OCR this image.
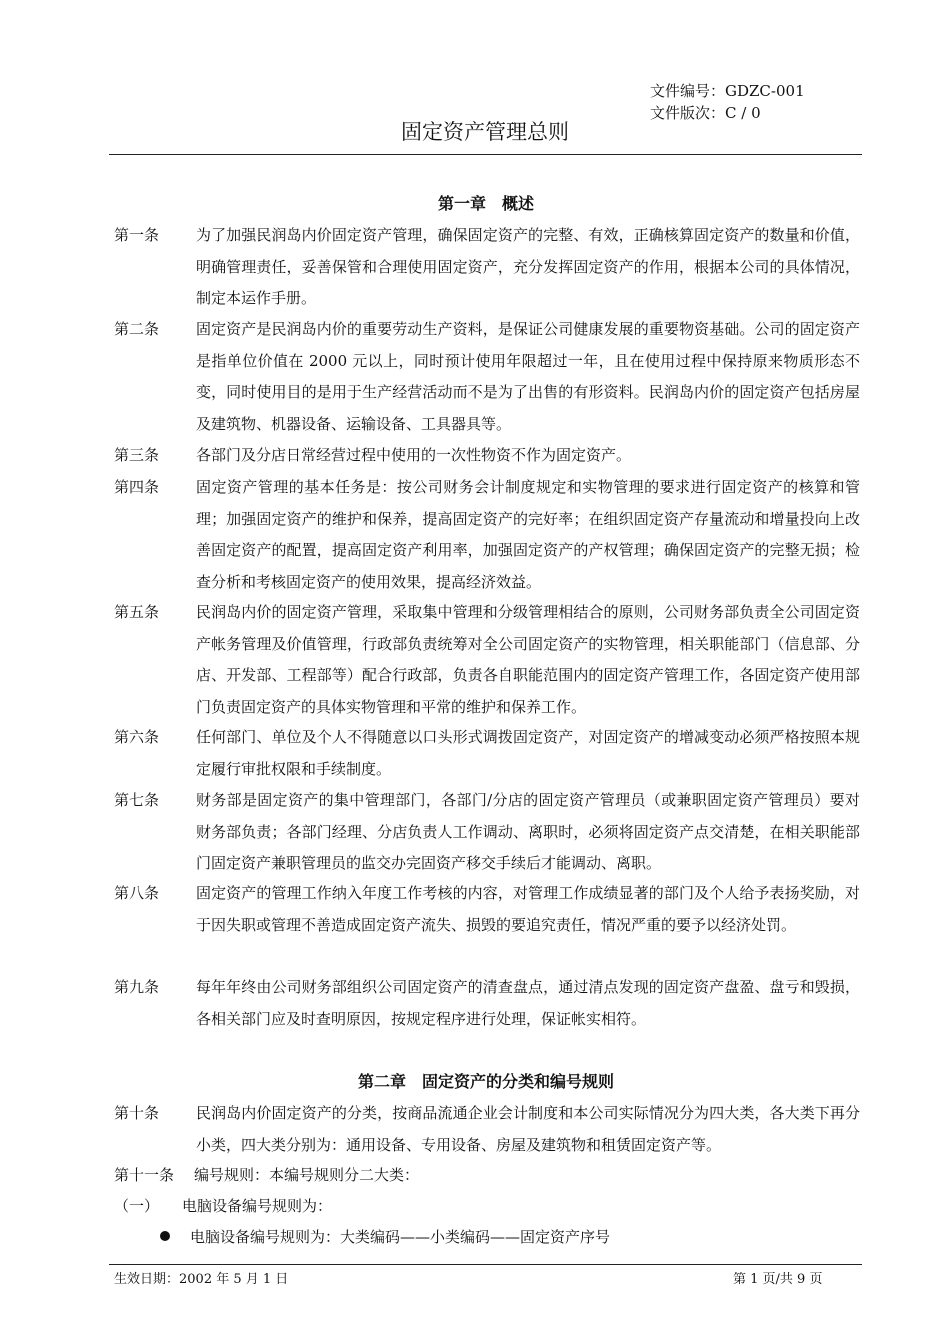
文件编号：GDZC-001
文件版次：C / 0
固定资产管理总则
第一章　概述
第一条 为了加强民润岛内价固定资产管理，确保固定资产的完整、有效，正确核算固定资产的数量和价值，明确管理责任，妥善保管和合理使用固定资产，充分发挥固定资产的作用，根据本公司的具体情况，制定本运作手册。
第二条 固定资产是民润岛内价的重要劳动生产资料，是保证公司健康发展的重要物资基础。公司的固定资产是指单位价值在 2000 元以上，同时预计使用年限超过一年，且在使用过程中保持原来物质形态不变，同时使用目的是用于生产经营活动而不是为了出售的有形资料。民润岛内价的固定资产包括房屋及建筑物、机器设备、运输设备、工具器具等。
第三条 各部门及分店日常经营过程中使用的一次性物资不作为固定资产。
第四条 固定资产管理的基本任务是：按公司财务会计制度规定和实物管理的要求进行固定资产的核算和管理；加强固定资产的维护和保养，提高固定资产的完好率；在组织固定资产存量流动和增量投向上改善固定资产的配置，提高固定资产利用率，加强固定资产的产权管理；确保固定资产的完整无损；检查分析和考核固定资产的使用效果，提高经济效益。
第五条 民润岛内价的固定资产管理，采取集中管理和分级管理相结合的原则，公司财务部负责全公司固定资产帐务管理及价值管理，行政部负责统筹对全公司固定资产的实物管理，相关职能部门（信息部、分店、开发部、工程部等）配合行政部，负责各自职能范围内的固定资产管理工作，各固定资产使用部门负责固定资产的具体实物管理和平常的维护和保养工作。
第六条 任何部门、单位及个人不得随意以口头形式调拨固定资产，对固定资产的增减变动必须严格按照本规定履行审批权限和手续制度。
第七条 财务部是固定资产的集中管理部门，各部门/分店的固定资产管理员（或兼职固定资产管理员）要对财务部负责；各部门经理、分店负责人工作调动、离职时，必须将固定资产点交清楚，在相关职能部门固定资产兼职管理员的监交办完固资产移交手续后才能调动、离职。
第八条 固定资产的管理工作纳入年度工作考核的内容，对管理工作成绩显著的部门及个人给予表扬奖励，对于因失职或管理不善造成固定资产流失、损毁的要追究责任，情况严重的要予以经济处罚。
第九条 每年年终由公司财务部组织公司固定资产的清查盘点，通过清点发现的固定资产盘盈、盘亏和毁损，各相关部门应及时查明原因，按规定程序进行处理，保证帐实相符。
第二章　固定资产的分类和编号规则
第十条 民润岛内价固定资产的分类，按商品流通企业会计制度和本公司实际情况分为四大类，各大类下再分小类，四大类分别为：通用设备、专用设备、房屋及建筑物和租赁固定资产等。
第十一条 编号规则：本编号规则分二大类：
（一） 电脑设备编号规则为：
电脑设备编号规则为：大类编码——小类编码——固定资产序号
生效日期：2002 年 5 月 1 日	第 1 页/共 9 页
